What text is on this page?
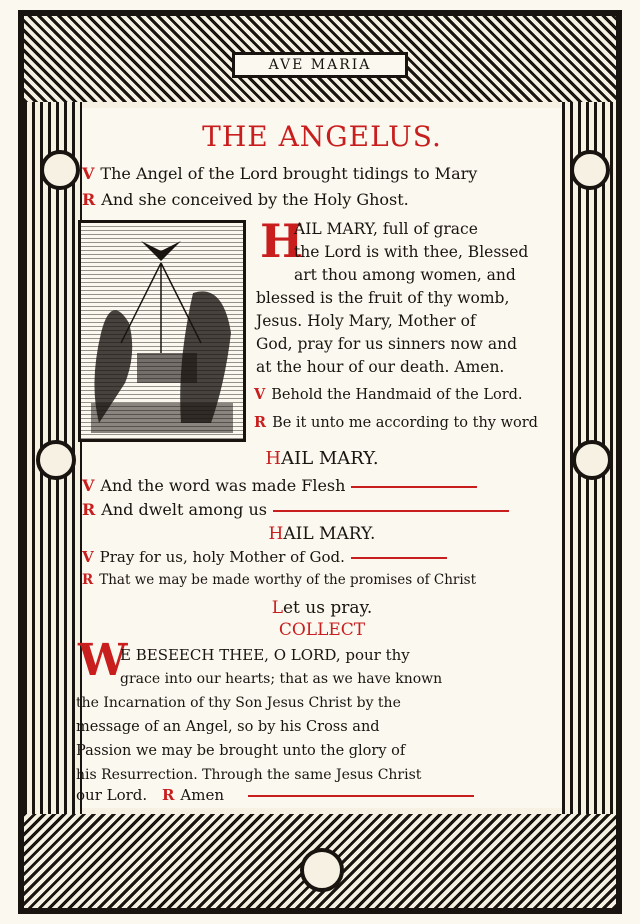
AVE MARIA
THE ANGELUS.
V The Angel of the Lord brought tidings to Mary
R And she conceived by the Holy Ghost.
H
AIL MARY, full of grace
the Lord is with thee, Blessed
art thou among women, and
blessed is the fruit of thy womb,
Jesus. Holy Mary, Mother of
God, pray for us sinners now and
at the hour of our death. Amen.
V Behold the Handmaid of the Lord.
R Be it unto me according to thy word
HAIL MARY.
V And the word was made Flesh
R And dwelt among us
HAIL MARY.
V Pray for us, holy Mother of God.
R That we may be made worthy of the promises of Christ
Let us pray.
COLLECT
W
E BESEECH THEE, O LORD, pour thy
grace into our hearts; that as we have known
the Incarnation of thy Son Jesus Christ by the
message of an Angel, so by his Cross and
Passion we may be brought unto the glory of
his Resurrection. Through the same Jesus Christ
our Lord. R Amen
